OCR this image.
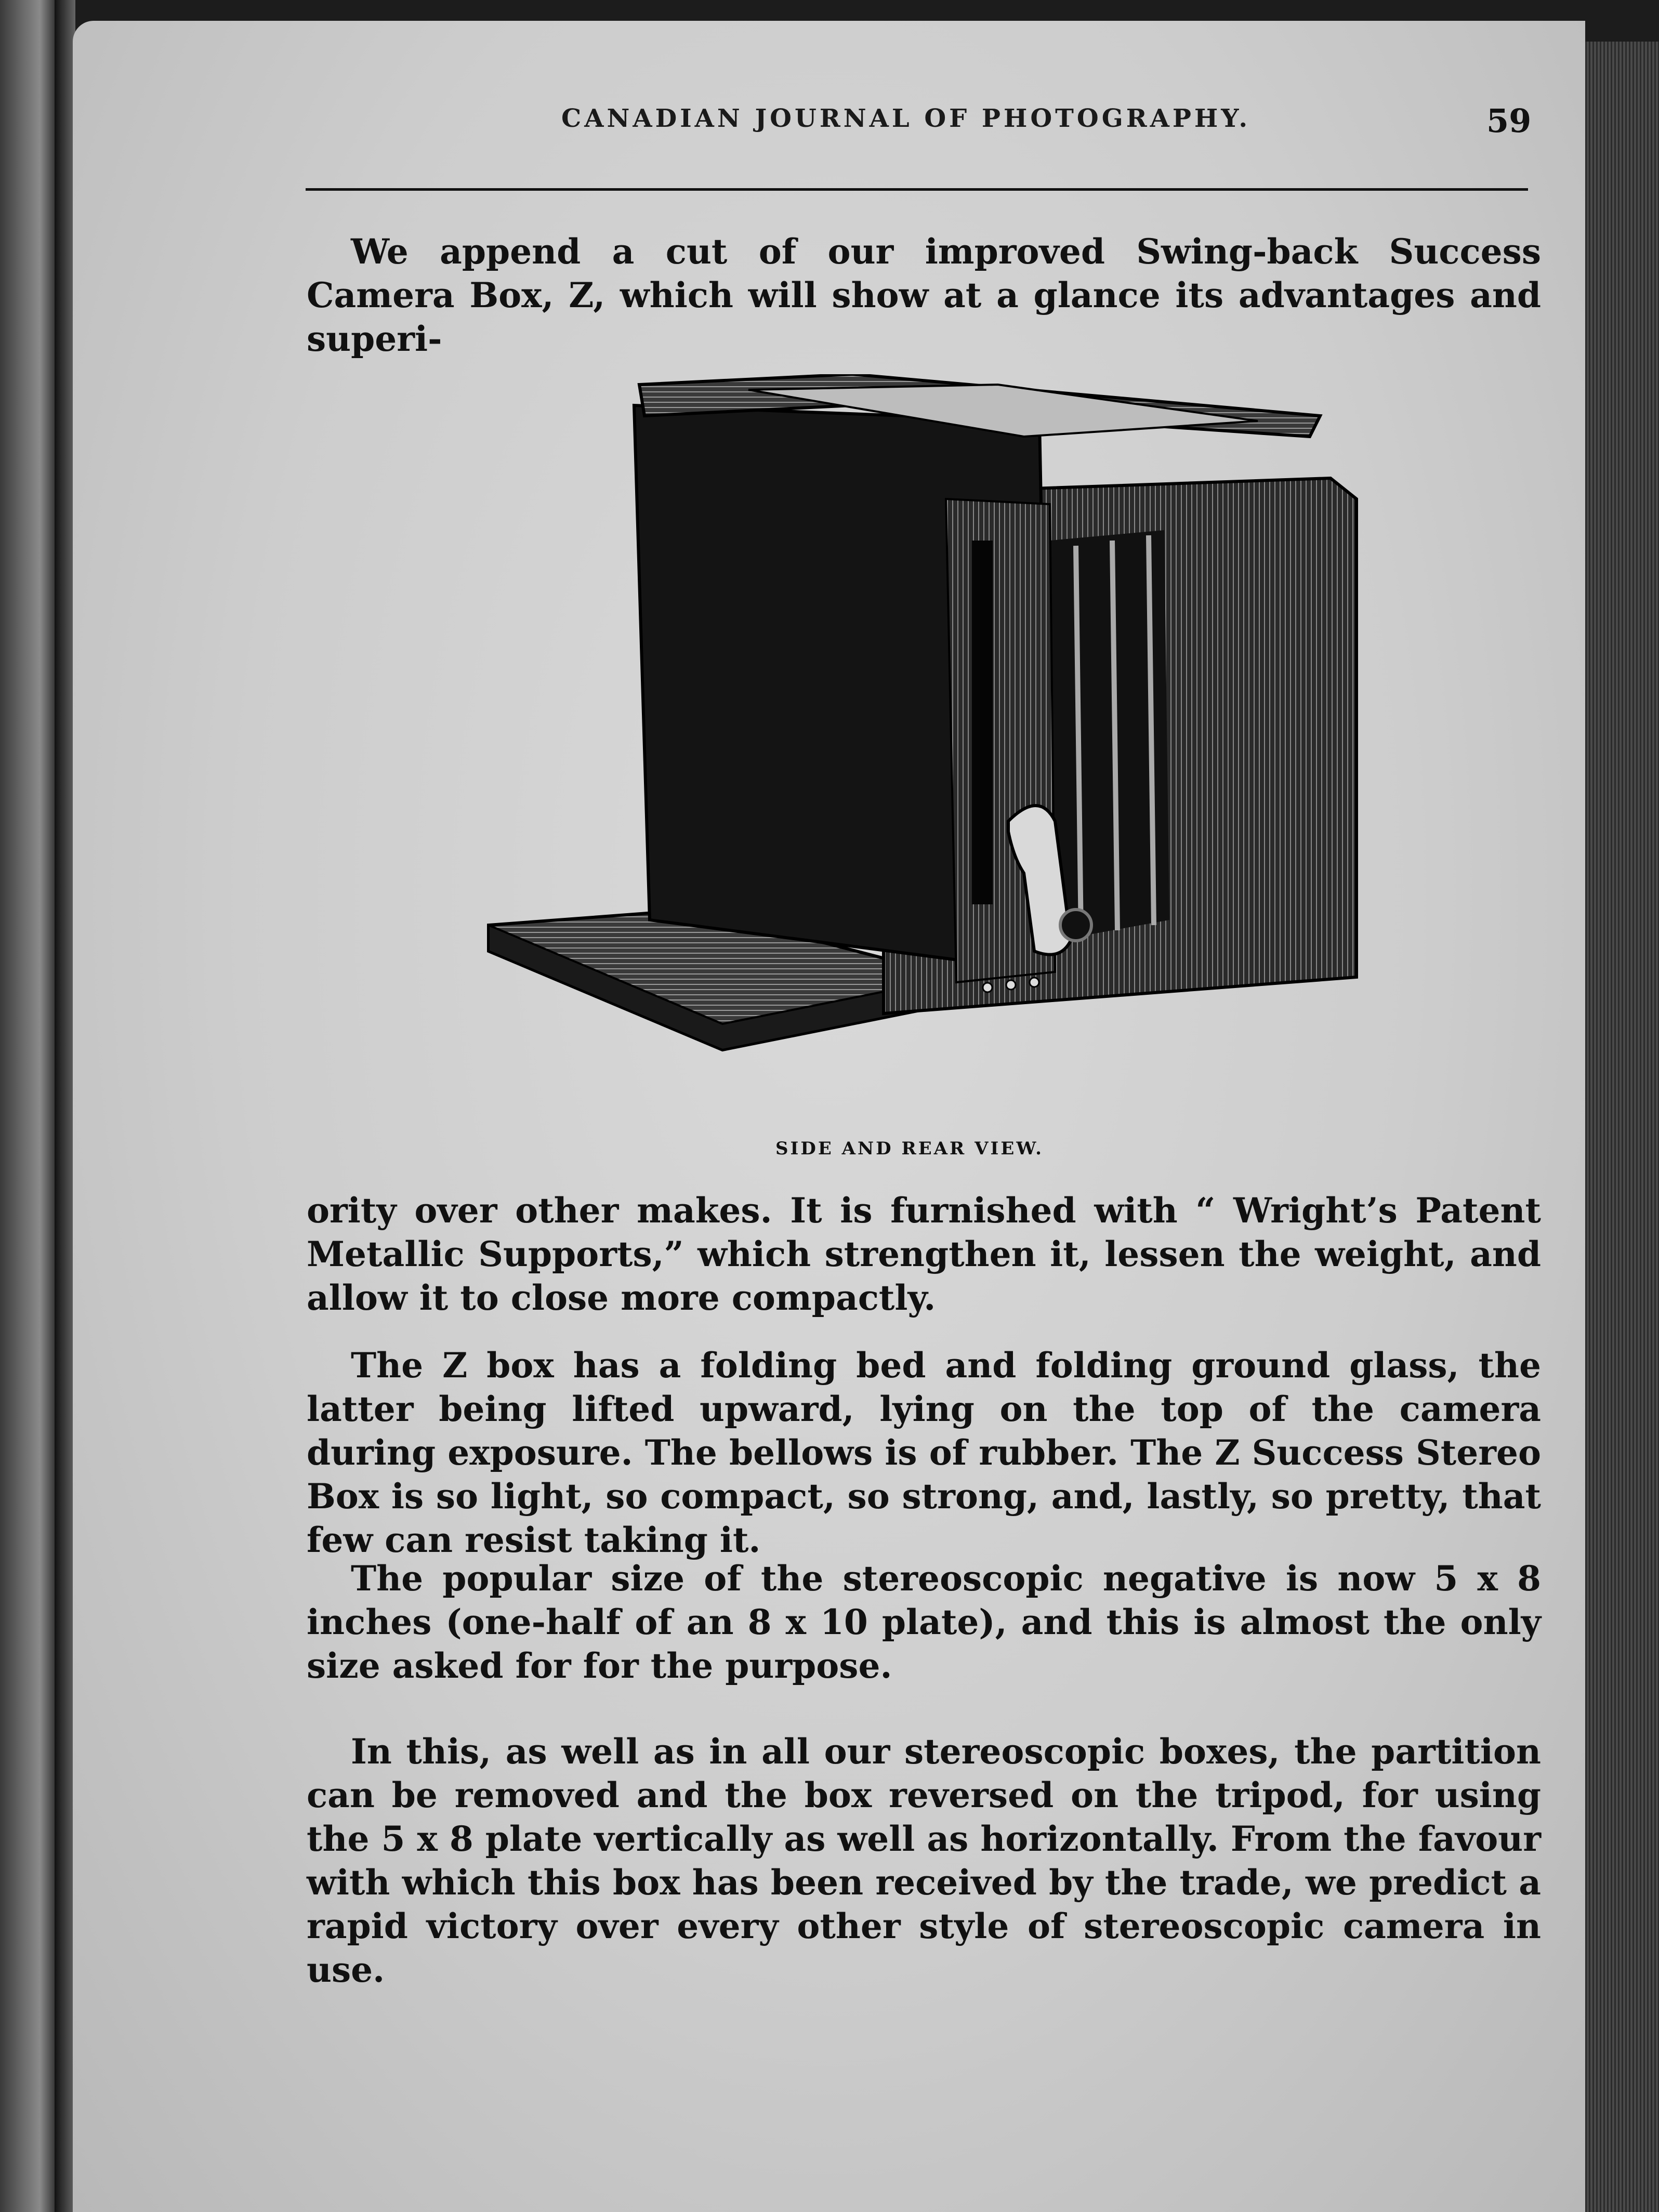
CANADIAN JOURNAL OF PHOTOGRAPHY.	59

We append a cut of our improved Swing-back Success Camera Box, Z, which will show at a glance its advantages and superi-

SIDE AND REAR VIEW.

ority over other makes. It is furnished with “ Wright’s Patent Metallic Supports,” which strengthen it, lessen the weight, and allow it to close more compactly.

The Z box has a folding bed and folding ground glass, the latter being lifted upward, lying on the top of the camera during exposure. The bellows is of rubber. The Z Success Stereo Box is so light, so compact, so strong, and, lastly, so pretty, that few can resist taking it.

The popular size of the stereoscopic negative is now 5 x 8 inches (one-half of an 8 x 10 plate), and this is almost the only size asked for for the purpose.

In this, as well as in all our stereoscopic boxes, the partition can be removed and the box reversed on the tripod, for using the 5 x 8 plate vertically as well as horizontally. From the favour with which this box has been received by the trade, we predict a rapid victory over every other style of stereoscopic camera in use.
